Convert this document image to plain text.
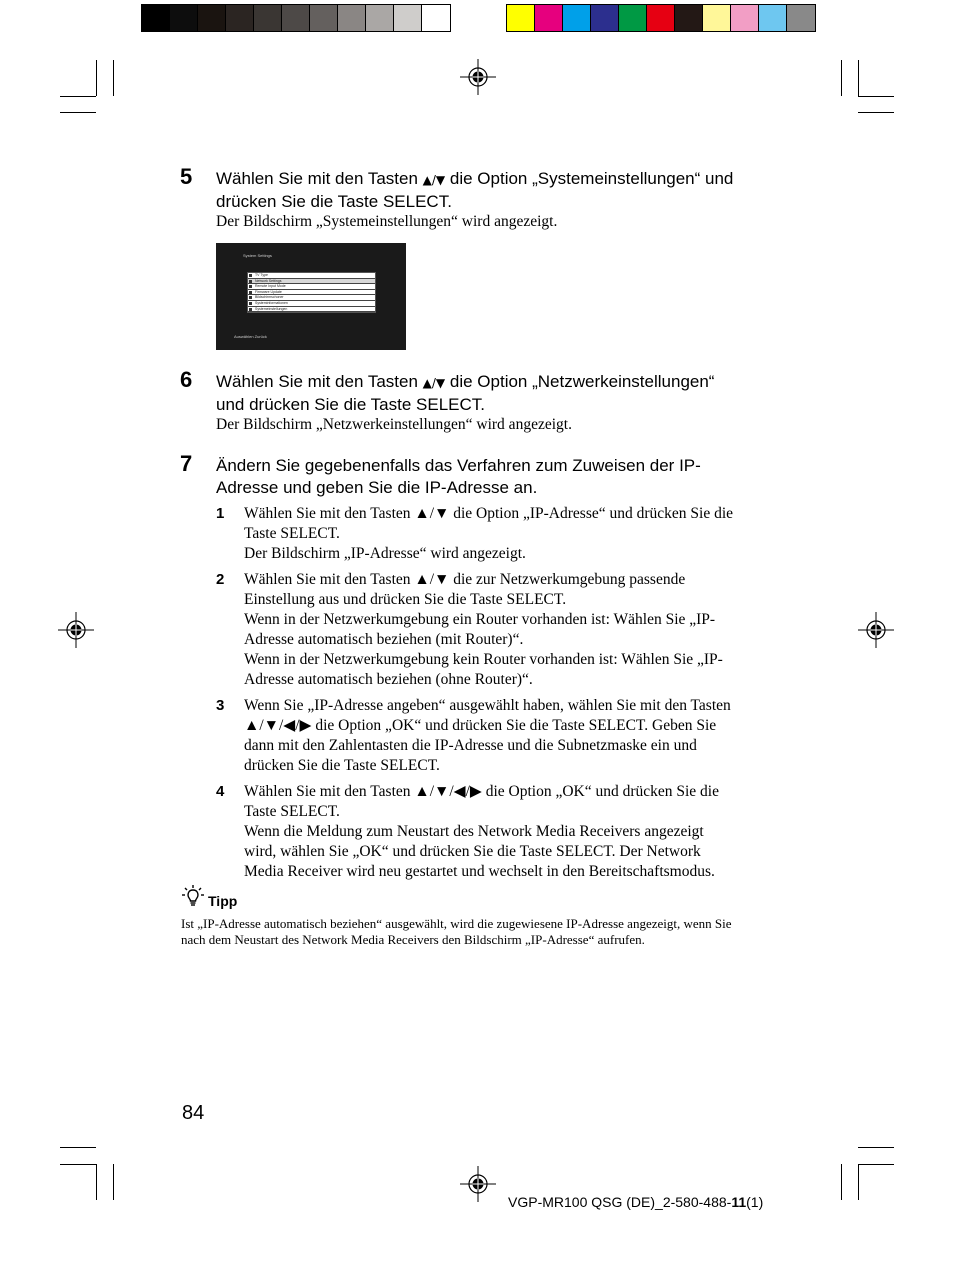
5 Wählen Sie mit den Tasten ▲/▼ die Option „Systemeinstellungen“ und
drücken Sie die Taste SELECT.
Der Bildschirm „Systemeinstellungen“ wird angezeigt.
System Settings
TV Type
Network Settings
Remote Input Mode
Firmware Update
Bildschirmschoner
Systeminformationen
Systemeinstellungen
Auswählen Zurück
6 Wählen Sie mit den Tasten ▲/▼ die Option „Netzwerkeinstellungen“
und drücken Sie die Taste SELECT.
Der Bildschirm „Netzwerkeinstellungen“ wird angezeigt.
7 Ändern Sie gegebenenfalls das Verfahren zum Zuweisen der IP-
Adresse und geben Sie die IP-Adresse an.
1 Wählen Sie mit den Tasten ▲/▼ die Option „IP-Adresse“ und drücken Sie die
Taste SELECT.
Der Bildschirm „IP-Adresse“ wird angezeigt.
2 Wählen Sie mit den Tasten ▲/▼ die zur Netzwerkumgebung passende
Einstellung aus und drücken Sie die Taste SELECT.
Wenn in der Netzwerkumgebung ein Router vorhanden ist: Wählen Sie „IP-
Adresse automatisch beziehen (mit Router)“.
Wenn in der Netzwerkumgebung kein Router vorhanden ist: Wählen Sie „IP-
Adresse automatisch beziehen (ohne Router)“.
3 Wenn Sie „IP-Adresse angeben“ ausgewählt haben, wählen Sie mit den Tasten
▲/▼/◀/▶ die Option „OK“ und drücken Sie die Taste SELECT. Geben Sie
dann mit den Zahlentasten die IP-Adresse und die Subnetzmaske ein und
drücken Sie die Taste SELECT.
4 Wählen Sie mit den Tasten ▲/▼/◀/▶ die Option „OK“ und drücken Sie die
Taste SELECT.
Wenn die Meldung zum Neustart des Network Media Receivers angezeigt
wird, wählen Sie „OK“ und drücken Sie die Taste SELECT. Der Network
Media Receiver wird neu gestartet und wechselt in den Bereitschaftsmodus.
Tipp
Ist „IP-Adresse automatisch beziehen“ ausgewählt, wird die zugewiesene IP-Adresse angezeigt, wenn Sie
nach dem Neustart des Network Media Receivers den Bildschirm „IP-Adresse“ aufrufen.
84
VGP-MR100 QSG (DE)_2-580-488-11(1)
